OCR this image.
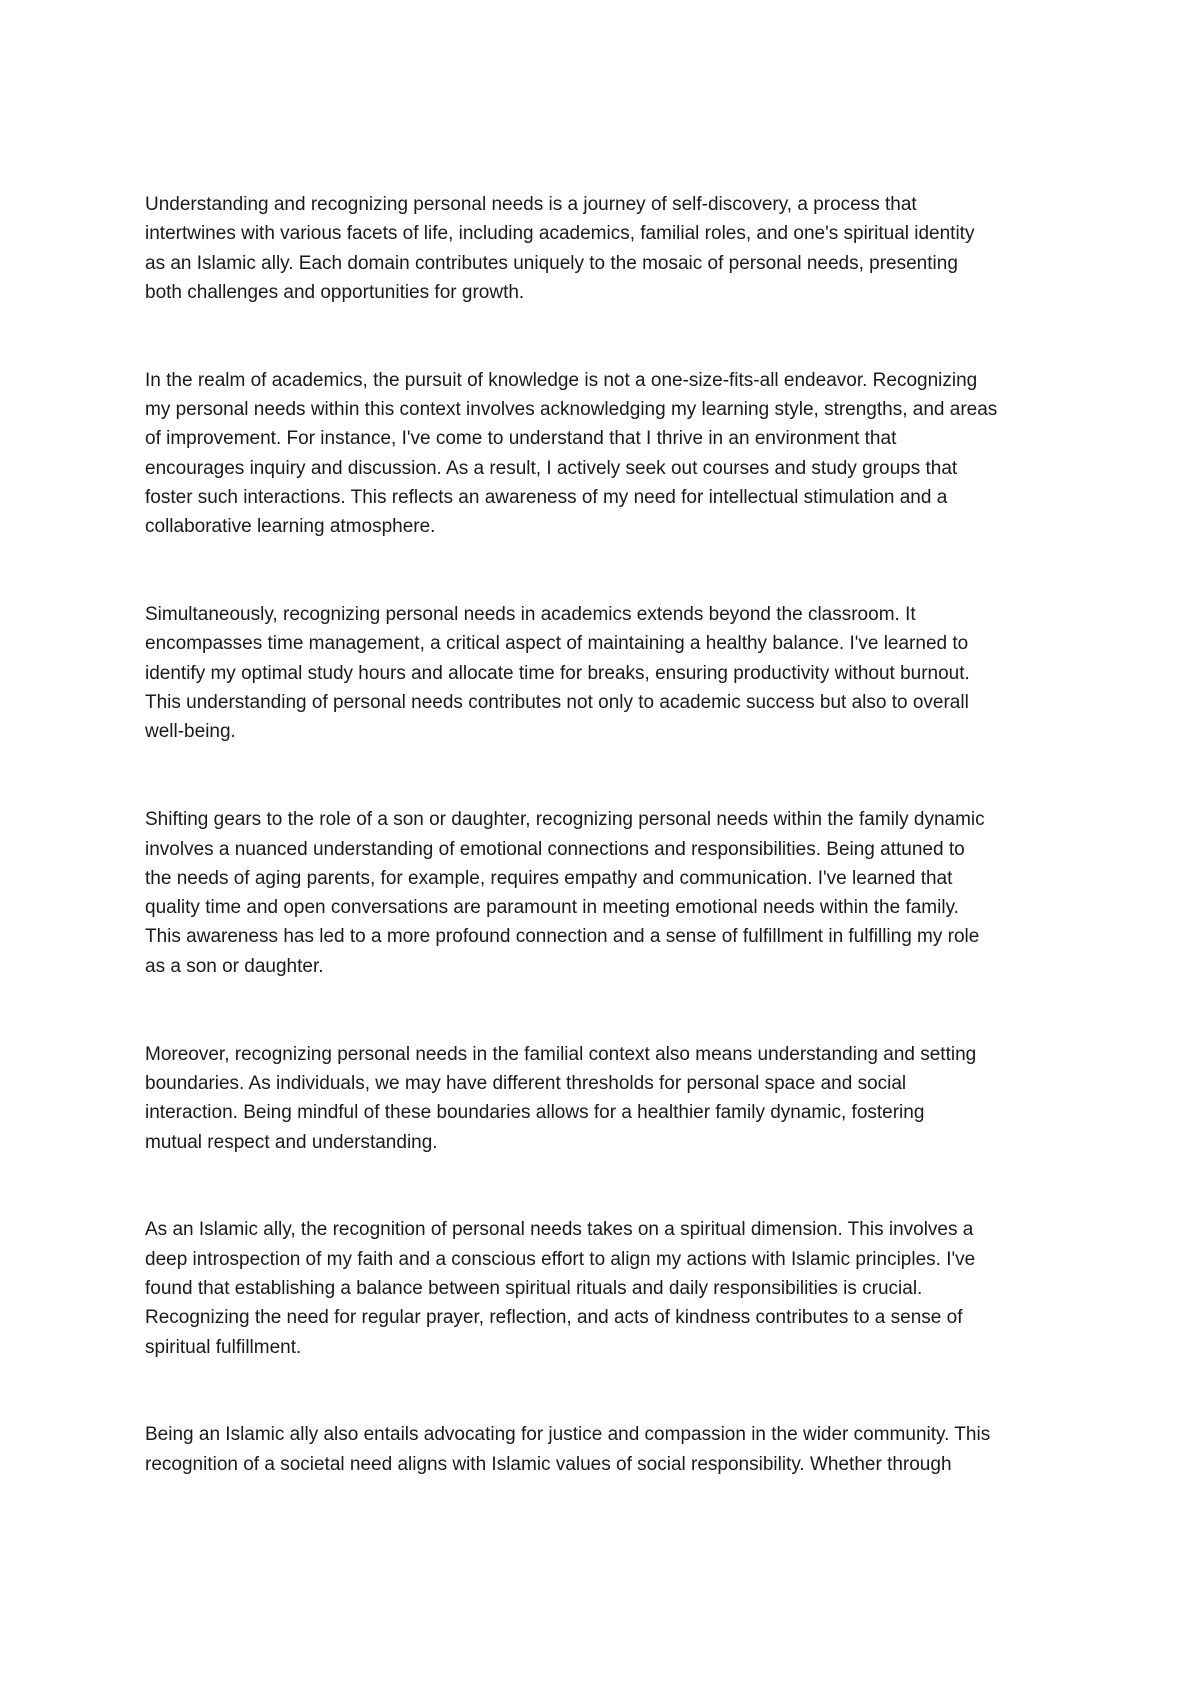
Understanding and recognizing personal needs is a journey of self-discovery, a process that
intertwines with various facets of life, including academics, familial roles, and one's spiritual identity
as an Islamic ally. Each domain contributes uniquely to the mosaic of personal needs, presenting
both challenges and opportunities for growth.

In the realm of academics, the pursuit of knowledge is not a one-size-fits-all endeavor. Recognizing
my personal needs within this context involves acknowledging my learning style, strengths, and areas
of improvement. For instance, I've come to understand that I thrive in an environment that
encourages inquiry and discussion. As a result, I actively seek out courses and study groups that
foster such interactions. This reflects an awareness of my need for intellectual stimulation and a
collaborative learning atmosphere.

Simultaneously, recognizing personal needs in academics extends beyond the classroom. It
encompasses time management, a critical aspect of maintaining a healthy balance. I've learned to
identify my optimal study hours and allocate time for breaks, ensuring productivity without burnout.
This understanding of personal needs contributes not only to academic success but also to overall
well-being.

Shifting gears to the role of a son or daughter, recognizing personal needs within the family dynamic
involves a nuanced understanding of emotional connections and responsibilities. Being attuned to
the needs of aging parents, for example, requires empathy and communication. I've learned that
quality time and open conversations are paramount in meeting emotional needs within the family.
This awareness has led to a more profound connection and a sense of fulfillment in fulfilling my role
as a son or daughter.

Moreover, recognizing personal needs in the familial context also means understanding and setting
boundaries. As individuals, we may have different thresholds for personal space and social
interaction. Being mindful of these boundaries allows for a healthier family dynamic, fostering
mutual respect and understanding.

As an Islamic ally, the recognition of personal needs takes on a spiritual dimension. This involves a
deep introspection of my faith and a conscious effort to align my actions with Islamic principles. I've
found that establishing a balance between spiritual rituals and daily responsibilities is crucial.
Recognizing the need for regular prayer, reflection, and acts of kindness contributes to a sense of
spiritual fulfillment.

Being an Islamic ally also entails advocating for justice and compassion in the wider community. This
recognition of a societal need aligns with Islamic values of social responsibility. Whether through
